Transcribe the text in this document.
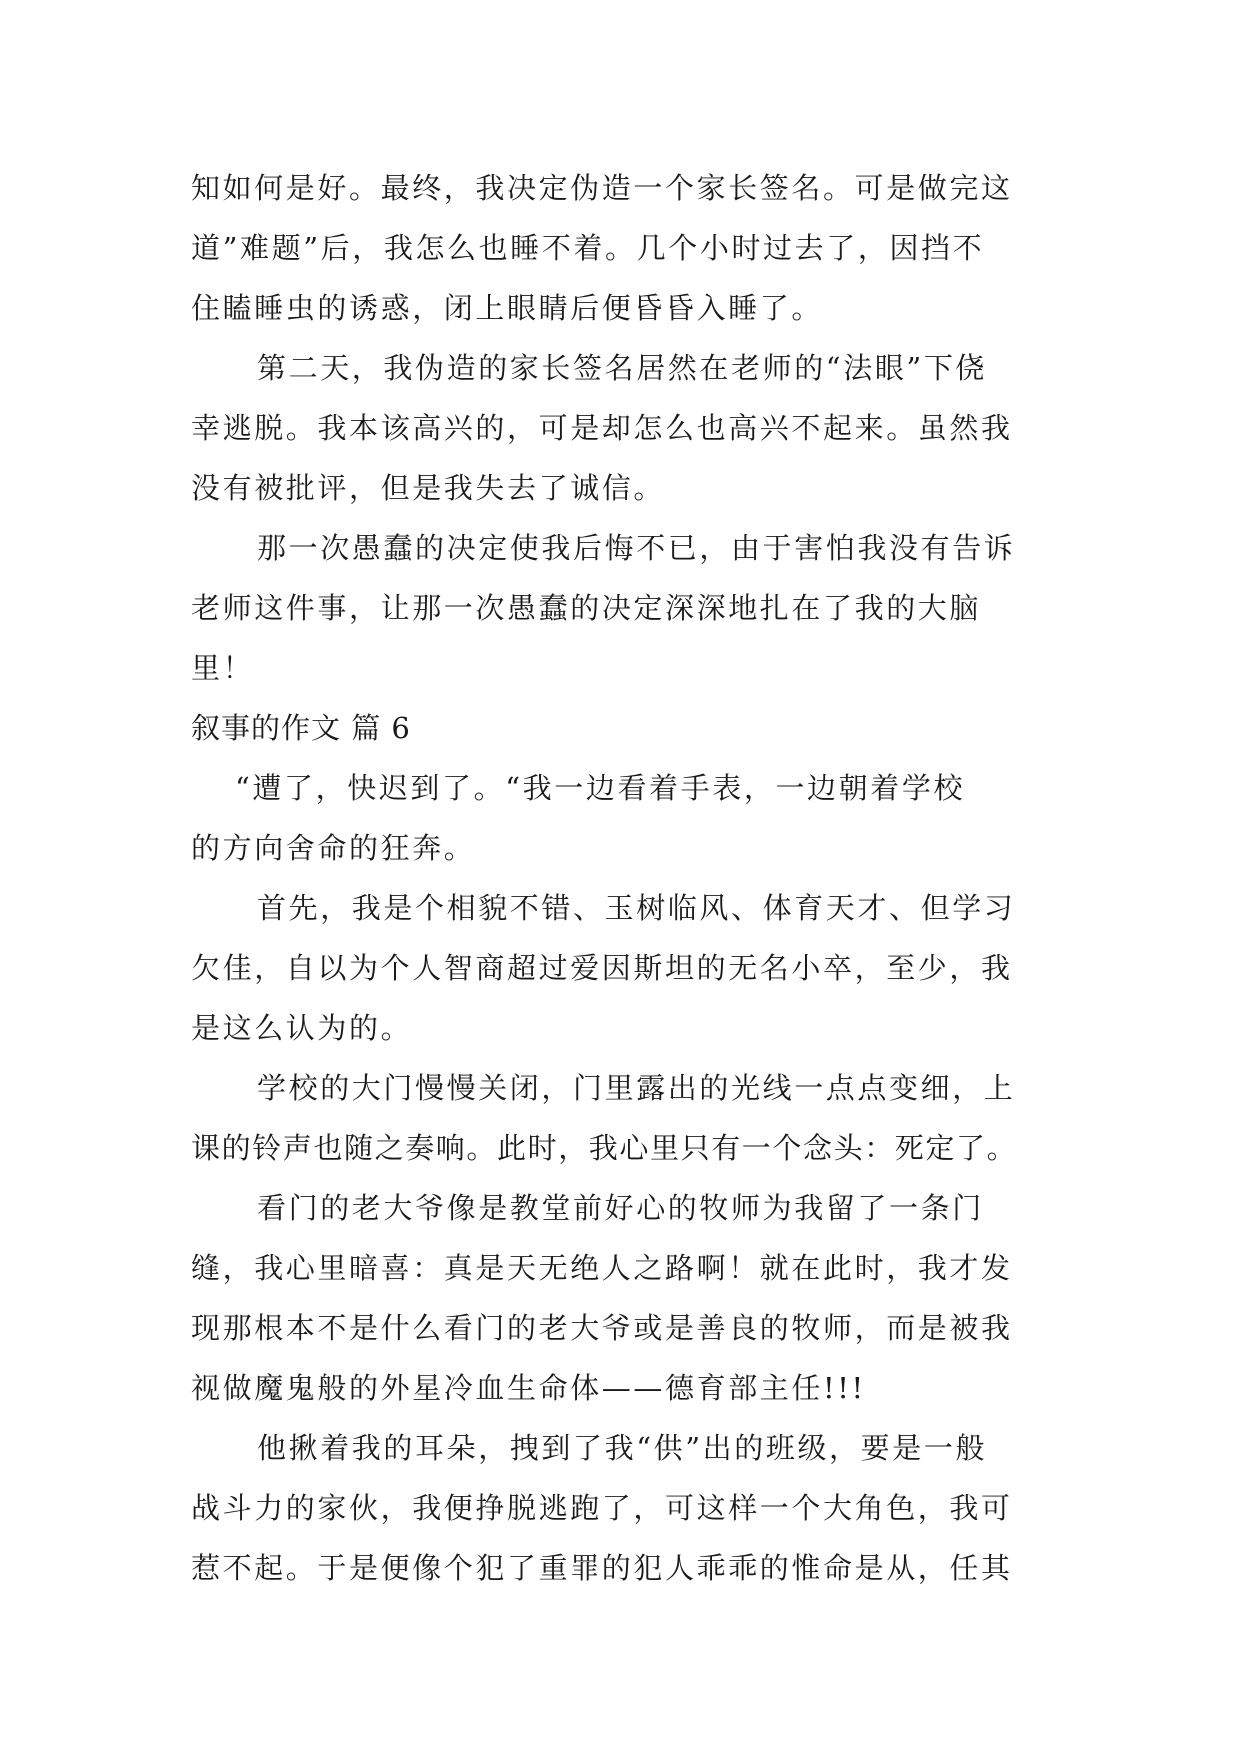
知如何是好。最终，我决定伪造一个家长签名。可是做完这
道”难题”后，我怎么也睡不着。几个小时过去了，因挡不
住瞌睡虫的诱惑，闭上眼睛后便昏昏入睡了。
第二天，我伪造的家长签名居然在老师的“法眼”下侥
幸逃脱。我本该高兴的，可是却怎么也高兴不起来。虽然我
没有被批评，但是我失去了诚信。
那一次愚蠢的决定使我后悔不已，由于害怕我没有告诉
老师这件事，让那一次愚蠢的决定深深地扎在了我的大脑
里！
叙事的作文 篇 6
“遭了，快迟到了。“我一边看着手表，一边朝着学校
的方向舍命的狂奔。
首先，我是个相貌不错、玉树临风、体育天才、但学习
欠佳，自以为个人智商超过爱因斯坦的无名小卒，至少，我
是这么认为的。
学校的大门慢慢关闭，门里露出的光线一点点变细，上
课的铃声也随之奏响。此时，我心里只有一个念头：死定了。
看门的老大爷像是教堂前好心的牧师为我留了一条门
缝，我心里暗喜：真是天无绝人之路啊！就在此时，我才发
现那根本不是什么看门的老大爷或是善良的牧师，而是被我
视做魔鬼般的外星冷血生命体——德育部主任!!!
他揪着我的耳朵，拽到了我“供”出的班级，要是一般
战斗力的家伙，我便挣脱逃跑了，可这样一个大角色，我可
惹不起。于是便像个犯了重罪的犯人乖乖的惟命是从，任其
